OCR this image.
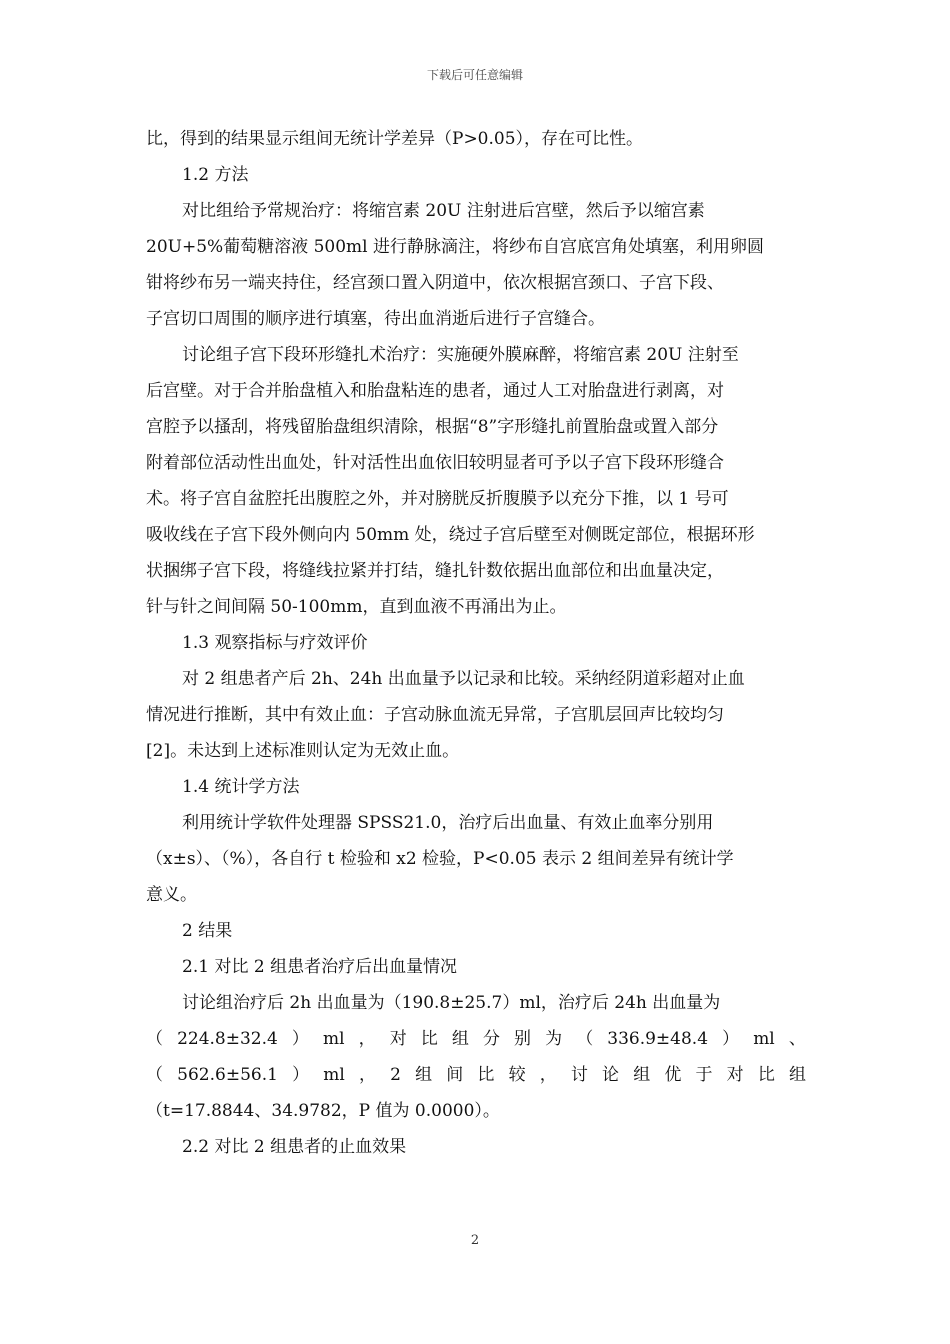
下载后可任意编辑
比，得到的结果显示组间无统计学差异（P>0.05），存在可比性。
1.2 方法
对比组给予常规治疗：将缩宫素 20U 注射进后宫壁，然后予以缩宫素
20U+5%葡萄糖溶液 500ml 进行静脉滴注，将纱布自宫底宫角处填塞，利用卵圆
钳将纱布另一端夹持住，经宫颈口置入阴道中，依次根据宫颈口、子宫下段、
子宫切口周围的顺序进行填塞，待出血消逝后进行子宫缝合。
讨论组子宫下段环形缝扎术治疗：实施硬外膜麻醉，将缩宫素 20U 注射至
后宫壁。对于合并胎盘植入和胎盘粘连的患者，通过人工对胎盘进行剥离，对
宫腔予以搔刮，将残留胎盘组织清除，根据“8”字形缝扎前置胎盘或置入部分
附着部位活动性出血处，针对活性出血依旧较明显者可予以子宫下段环形缝合
术。将子宫自盆腔托出腹腔之外，并对膀胱反折腹膜予以充分下推，以 1 号可
吸收线在子宫下段外侧向内 50mm 处，绕过子宫后壁至对侧既定部位，根据环形
状捆绑子宫下段，将缝线拉紧并打结，缝扎针数依据出血部位和出血量决定，
针与针之间间隔 50-100mm，直到血液不再涌出为止。
1.3 观察指标与疗效评价
对 2 组患者产后 2h、24h 出血量予以记录和比较。采纳经阴道彩超对止血
情况进行推断，其中有效止血：子宫动脉血流无异常，子宫肌层回声比较均匀
[2]。未达到上述标准则认定为无效止血。
1.4 统计学方法
利用统计学软件处理器 SPSS21.0，治疗后出血量、有效止血率分别用
（x±s）、（%），各自行 t 检验和 x2 检验，P<0.05 表示 2 组间差异有统计学
意义。
2 结果
2.1 对比 2 组患者治疗后出血量情况
讨论组治疗后 2h 出血量为（190.8±25.7）ml，治疗后 24h 出血量为
（ 224.8±32.4 ） ml ， 对 比 组 分 别 为 （ 336.9±48.4 ） ml 、
（ 562.6±56.1 ） ml ， 2 组 间 比 较 ， 讨 论 组 优 于 对 比 组
（t=17.8844、34.9782，P 值为 0.0000）。
2.2 对比 2 组患者的止血效果
2
